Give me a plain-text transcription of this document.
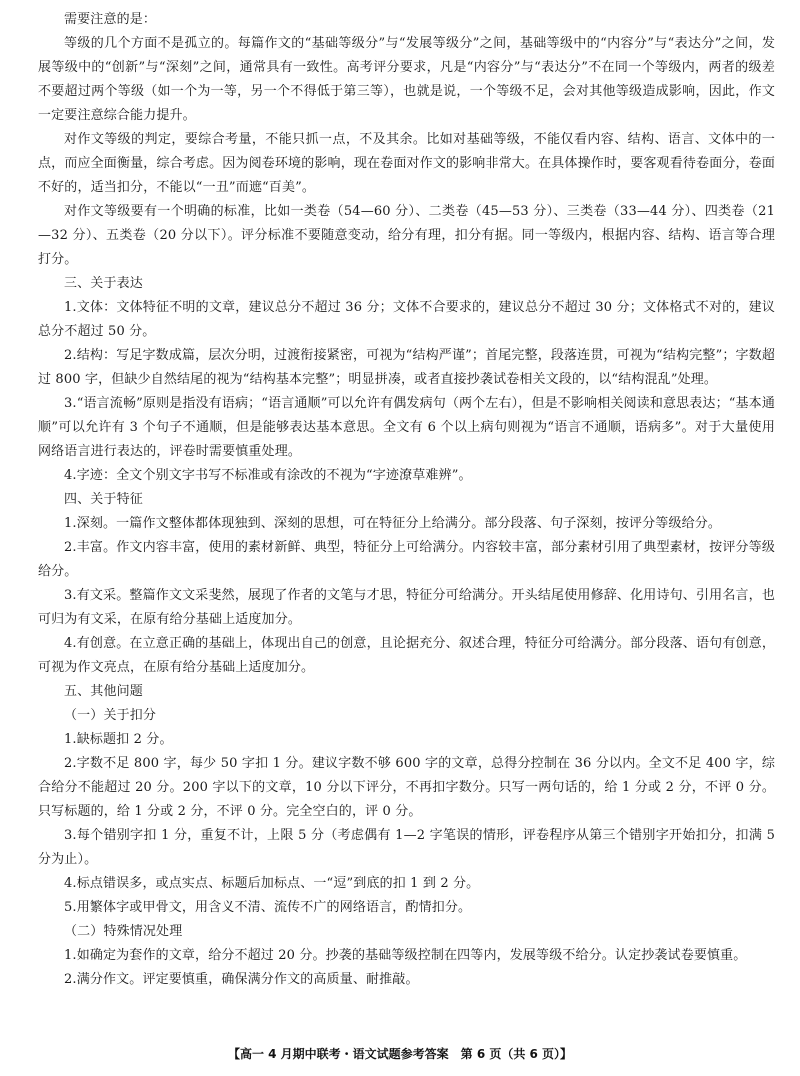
需要注意的是：

等级的几个方面不是孤立的。每篇作文的“基础等级分”与“发展等级分”之间，基础等级中的“内容分”与“表达分”之间，发展等级中的“创新”与“深刻”之间，通常具有一致性。高考评分要求，凡是“内容分”与“表达分”不在同一个等级内，两者的级差不要超过两个等级（如一个为一等，另一个不得低于第三等），也就是说，一个等级不足，会对其他等级造成影响，因此，作文一定要注意综合能力提升。

对作文等级的判定，要综合考量，不能只抓一点，不及其余。比如对基础等级，不能仅看内容、结构、语言、文体中的一点，而应全面衡量，综合考虑。因为阅卷环境的影响，现在卷面对作文的影响非常大。在具体操作时，要客观看待卷面分，卷面不好的，适当扣分，不能以“一丑”而遮“百美”。

对作文等级要有一个明确的标准，比如一类卷（54—60 分）、二类卷（45—53 分）、三类卷（33—44 分）、四类卷（21—32 分）、五类卷（20 分以下）。评分标准不要随意变动，给分有理，扣分有据。同一等级内，根据内容、结构、语言等合理打分。

三、关于表达

1.文体：文体特征不明的文章，建议总分不超过 36 分；文体不合要求的，建议总分不超过 30 分；文体格式不对的，建议总分不超过 50 分。

2.结构：写足字数成篇，层次分明，过渡衔接紧密，可视为“结构严谨”；首尾完整，段落连贯，可视为“结构完整”；字数超过 800 字，但缺少自然结尾的视为“结构基本完整”；明显拼凑，或者直接抄袭试卷相关文段的，以“结构混乱”处理。

3.“语言流畅”原则是指没有语病；“语言通顺”可以允许有偶发病句（两个左右），但是不影响相关阅读和意思表达；“基本通顺”可以允许有 3 个句子不通顺，但是能够表达基本意思。全文有 6 个以上病句则视为“语言不通顺，语病多”。对于大量使用网络语言进行表达的，评卷时需要慎重处理。

4.字迹：全文个别文字书写不标准或有涂改的不视为“字迹潦草难辨”。

四、关于特征

1.深刻。一篇作文整体都体现独到、深刻的思想，可在特征分上给满分。部分段落、句子深刻，按评分等级给分。

2.丰富。作文内容丰富，使用的素材新鲜、典型，特征分上可给满分。内容较丰富，部分素材引用了典型素材，按评分等级给分。

3.有文采。整篇作文文采斐然，展现了作者的文笔与才思，特征分可给满分。开头结尾使用修辞、化用诗句、引用名言，也可归为有文采，在原有给分基础上适度加分。

4.有创意。在立意正确的基础上，体现出自己的创意，且论据充分、叙述合理，特征分可给满分。部分段落、语句有创意，可视为作文亮点，在原有给分基础上适度加分。

五、其他问题

（一）关于扣分

1.缺标题扣 2 分。

2.字数不足 800 字，每少 50 字扣 1 分。建议字数不够 600 字的文章，总得分控制在 36 分以内。全文不足 400 字，综合给分不能超过 20 分。200 字以下的文章，10 分以下评分，不再扣字数分。只写一两句话的，给 1 分或 2 分，不评 0 分。只写标题的，给 1 分或 2 分，不评 0 分。完全空白的，评 0 分。

3.每个错别字扣 1 分，重复不计，上限 5 分（考虑偶有 1—2 字笔误的情形，评卷程序从第三个错别字开始扣分，扣满 5 分为止）。

4.标点错误多，或点实点、标题后加标点、一“逗”到底的扣 1 到 2 分。

5.用繁体字或甲骨文，用含义不清、流传不广的网络语言，酌情扣分。

（二）特殊情况处理

1.如确定为套作的文章，给分不超过 20 分。抄袭的基础等级控制在四等内，发展等级不给分。认定抄袭试卷要慎重。

2.满分作文。评定要慎重，确保满分作文的高质量、耐推敲。

【高一 4 月期中联考・语文试题参考答案　第 6 页（共 6 页）】
